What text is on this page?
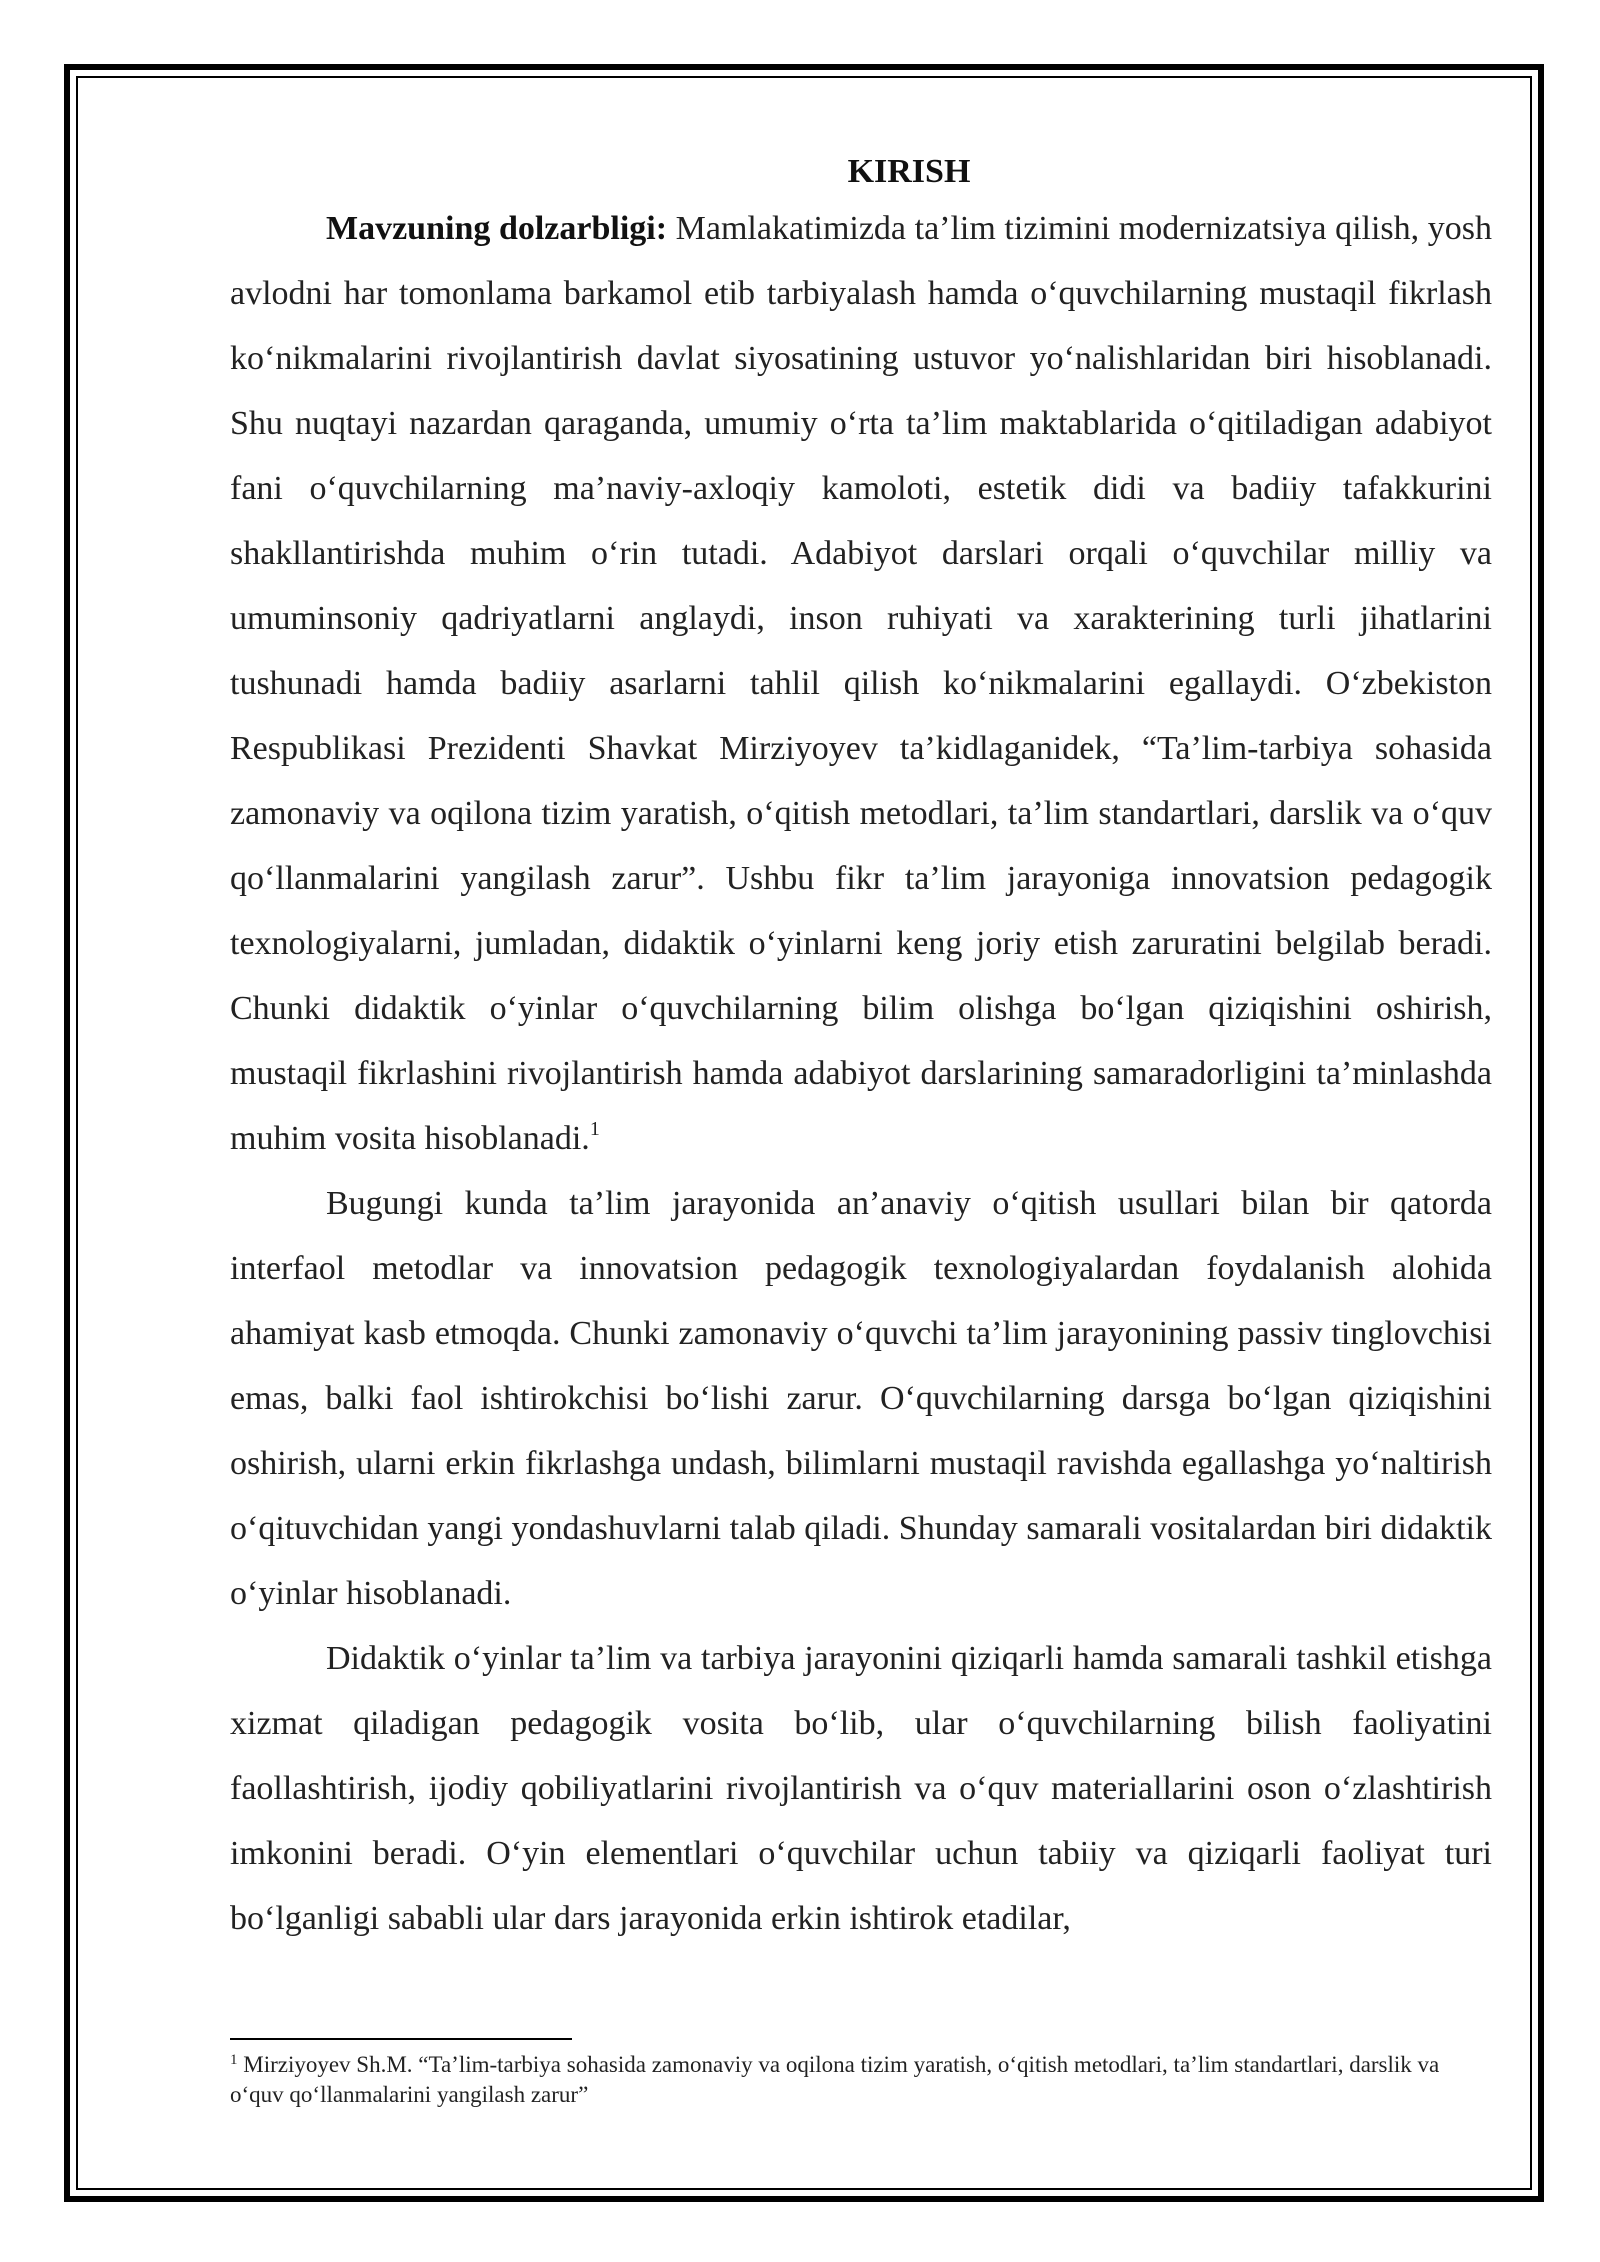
KIRISH

Mavzuning dolzarbligi: Mamlakatimizda ta’lim tizimini modernizatsiya qilish, yosh avlodni har tomonlama barkamol etib tarbiyalash hamda o‘quvchilarning mustaqil fikrlash ko‘nikmalarini rivojlantirish davlat siyosatining ustuvor yo‘nalishlaridan biri hisoblanadi. Shu nuqtayi nazardan qaraganda, umumiy o‘rta ta’lim maktablarida o‘qitiladigan adabiyot fani o‘quvchilarning ma’naviy-axloqiy kamoloti, estetik didi va badiiy tafakkurini shakllantirishda muhim o‘rin tutadi. Adabiyot darslari orqali o‘quvchilar milliy va umuminsoniy qadriyatlarni anglaydi, inson ruhiyati va xarakterining turli jihatlarini tushunadi hamda badiiy asarlarni tahlil qilish ko‘nikmalarini egallaydi. O‘zbekiston Respublikasi Prezidenti Shavkat Mirziyoyev ta’kidlaganidek, “Ta’lim-tarbiya sohasida zamonaviy va oqilona tizim yaratish, o‘qitish metodlari, ta’lim standartlari, darslik va o‘quv qo‘llanmalarini yangilash zarur”. Ushbu fikr ta’lim jarayoniga innovatsion pedagogik texnologiyalarni, jumladan, didaktik o‘yinlarni keng joriy etish zaruratini belgilab beradi. Chunki didaktik o‘yinlar o‘quvchilarning bilim olishga bo‘lgan qiziqishini oshirish, mustaqil fikrlashini rivojlantirish hamda adabiyot darslarining samaradorligini ta’minlashda muhim vosita hisoblanadi.$^1$

Bugungi kunda ta’lim jarayonida an’anaviy o‘qitish usullari bilan bir qatorda interfaol metodlar va innovatsion pedagogik texnologiyalardan foydalanish alohida ahamiyat kasb etmoqda. Chunki zamonaviy o‘quvchi ta’lim jarayonining passiv tinglovchisi emas, balki faol ishtirokchisi bo‘lishi zarur. O‘quvchilarning darsga bo‘lgan qiziqishini oshirish, ularni erkin fikrlashga undash, bilimlarni mustaqil ravishda egallashga yo‘naltirish o‘qituvchidan yangi yondashuvlarni talab qiladi. Shunday samarali vositalardan biri didaktik o‘yinlar hisoblanadi.

Didaktik o‘yinlar ta’lim va tarbiya jarayonini qiziqarli hamda samarali tashkil etishga xizmat qiladigan pedagogik vosita bo‘lib, ular o‘quvchilarning bilish faoliyatini faollashtirish, ijodiy qobiliyatlarini rivojlantirish va o‘quv materiallarini oson o‘zlashtirish imkonini beradi. O‘yin elementlari o‘quvchilar uchun tabiiy va qiziqarli faoliyat turi bo‘lganligi sababli ular dars jarayonida erkin ishtirok etadilar,

$^1$ Mirziyoyev Sh.M. “Ta’lim-tarbiya sohasida zamonaviy va oqilona tizim yaratish, o‘qitish metodlari, ta’lim standartlari, darslik va o‘quv qo‘llanmalarini yangilash zarur”
